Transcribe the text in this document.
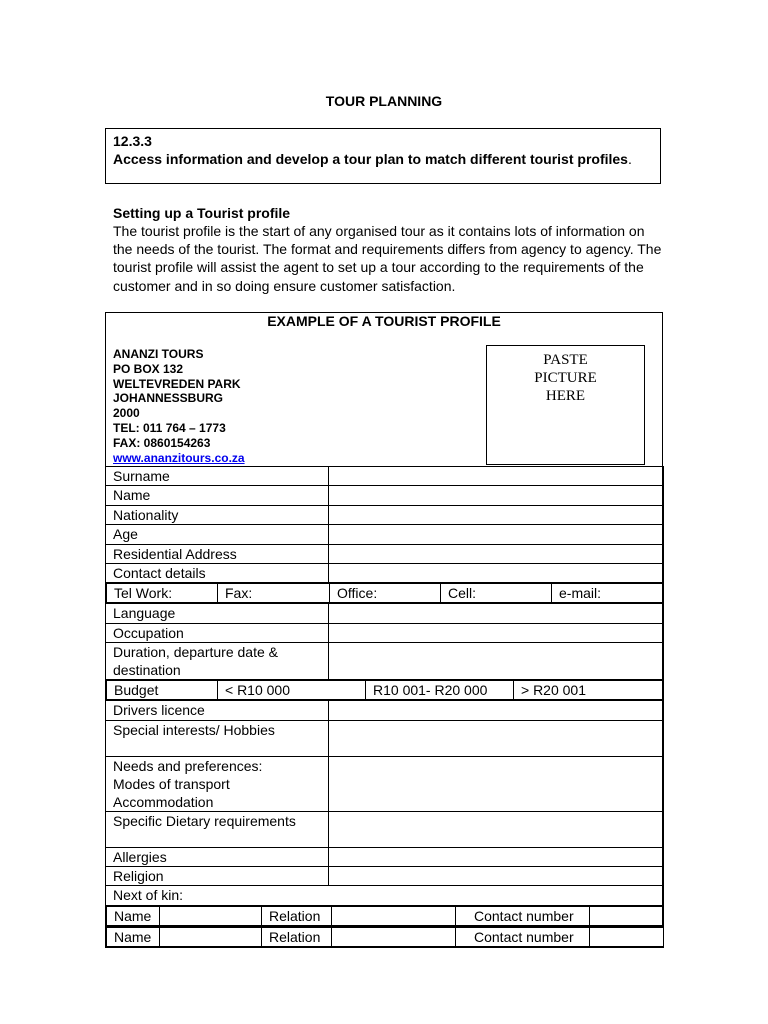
TOUR PLANNING
12.3.3
Access information and develop a tour plan to match different tourist profiles.
Setting up a Tourist profile
The tourist profile is the start of any organised tour as it contains lots of information on the needs of the tourist. The format and requirements differs from agency to agency. The tourist profile will assist the agent to set up a tour according to the requirements of the customer and in so doing ensure customer satisfaction.
EXAMPLE OF A TOURIST PROFILE
ANANZI TOURS
PO BOX 132
WELTEVREDEN PARK
JOHANNESSBURG
2000
TEL: 011 764 – 1773
FAX: 0860154263
www.ananzitours.co.za
PASTE
PICTURE
HERE
Surname	
Name	
Nationality	
Age	
Residential Address	
Contact details	

Tel Work:	Fax:	Office:	Cell:	e-mail:

Language	
Occupation	
Duration, departure date & destination	

Budget	< R10 000	R10 001- R20 000	> R20 001

Drivers licence	
Special interests/ Hobbies	

Needs and preferences:
Modes of transport
Accommodation

Specific Dietary requirements	
Allergies	
Religion	
Next of kin:

Name		Relation		Contact number	

Name		Relation		Contact number	
